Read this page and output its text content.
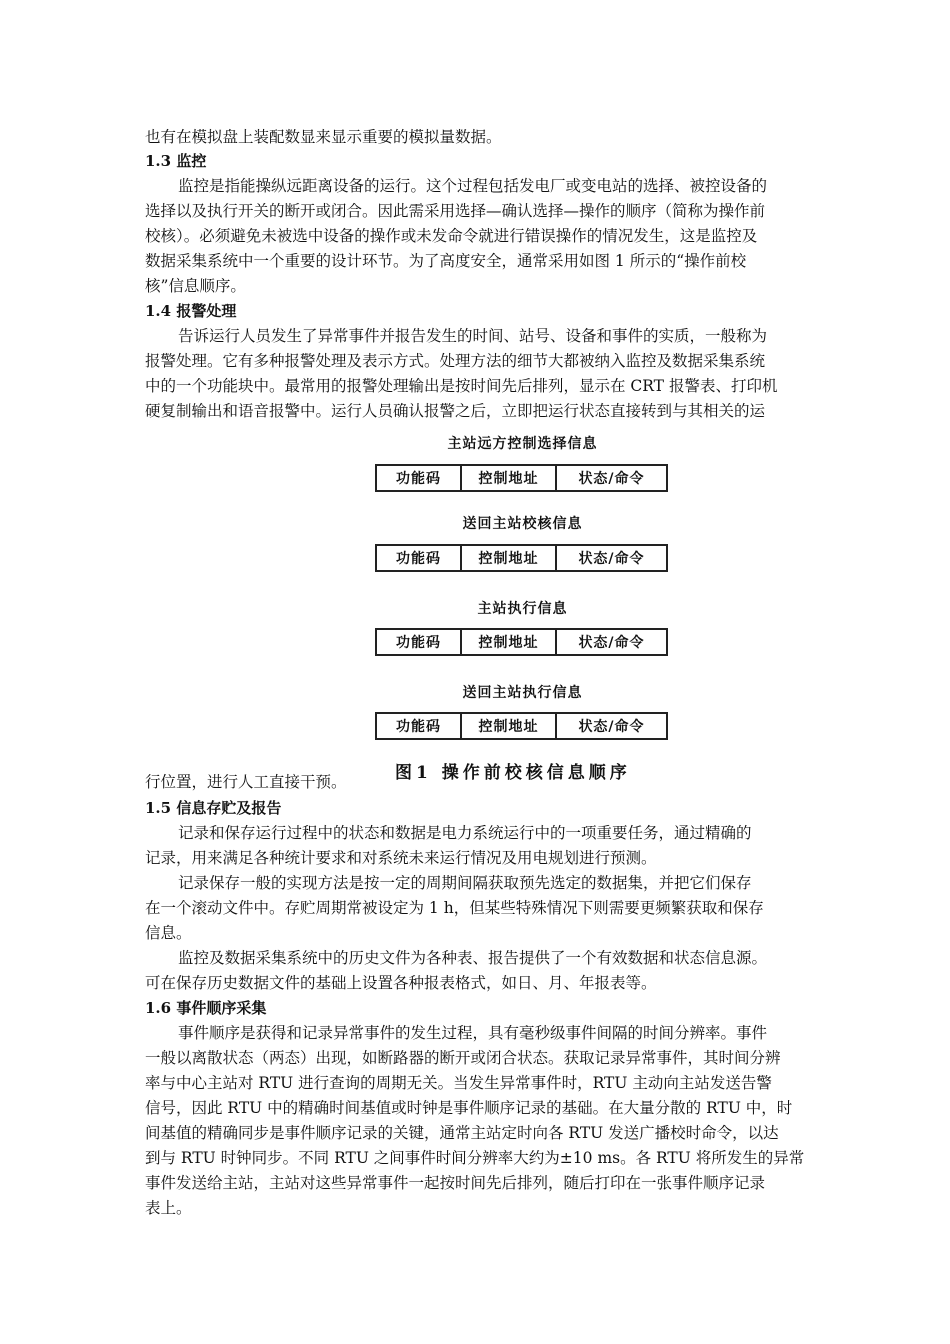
也有在模拟盘上装配数显来显示重要的模拟量数据。
1.3 监控
监控是指能操纵远距离设备的运行。这个过程包括发电厂或变电站的选择、被控设备的
选择以及执行开关的断开或闭合。因此需采用选择—确认选择—操作的顺序（简称为操作前
校核）。必须避免未被选中设备的操作或未发命令就进行错误操作的情况发生，这是监控及
数据采集系统中一个重要的设计环节。为了高度安全，通常采用如图 1 所示的“操作前校
核”信息顺序。
1.4 报警处理
告诉运行人员发生了异常事件并报告发生的时间、站号、设备和事件的实质，一般称为
报警处理。它有多种报警处理及表示方式。处理方法的细节大都被纳入监控及数据采集系统
中的一个功能块中。最常用的报警处理输出是按时间先后排列，显示在 CRT 报警表、打印机
硬复制输出和语音报警中。运行人员确认报警之后，立即把运行状态直接转到与其相关的运
主站远方控制选择信息
功能码	控制地址	状态/命令
送回主站校核信息
功能码	控制地址	状态/命令
主站执行信息
功能码	控制地址	状态/命令
送回主站执行信息
功能码	控制地址	状态/命令
图1 操作前校核信息顺序
行位置，进行人工直接干预。
1.5 信息存贮及报告
记录和保存运行过程中的状态和数据是电力系统运行中的一项重要任务，通过精确的
记录，用来满足各种统计要求和对系统未来运行情况及用电规划进行预测。
记录保存一般的实现方法是按一定的周期间隔获取预先选定的数据集，并把它们保存
在一个滚动文件中。存贮周期常被设定为 1 h，但某些特殊情况下则需要更频繁获取和保存
信息。
监控及数据采集系统中的历史文件为各种表、报告提供了一个有效数据和状态信息源。
可在保存历史数据文件的基础上设置各种报表格式，如日、月、年报表等。
1.6 事件顺序采集
事件顺序是获得和记录异常事件的发生过程，具有毫秒级事件间隔的时间分辨率。事件
一般以离散状态（两态）出现，如断路器的断开或闭合状态。获取记录异常事件，其时间分辨
率与中心主站对 RTU 进行查询的周期无关。当发生异常事件时，RTU 主动向主站发送告警
信号，因此 RTU 中的精确时间基值或时钟是事件顺序记录的基础。在大量分散的 RTU 中，时
间基值的精确同步是事件顺序记录的关键，通常主站定时向各 RTU 发送广播校时命令，以达
到与 RTU 时钟同步。不同 RTU 之间事件时间分辨率大约为±10 ms。各 RTU 将所发生的异常
事件发送给主站，主站对这些异常事件一起按时间先后排列，随后打印在一张事件顺序记录
表上。
